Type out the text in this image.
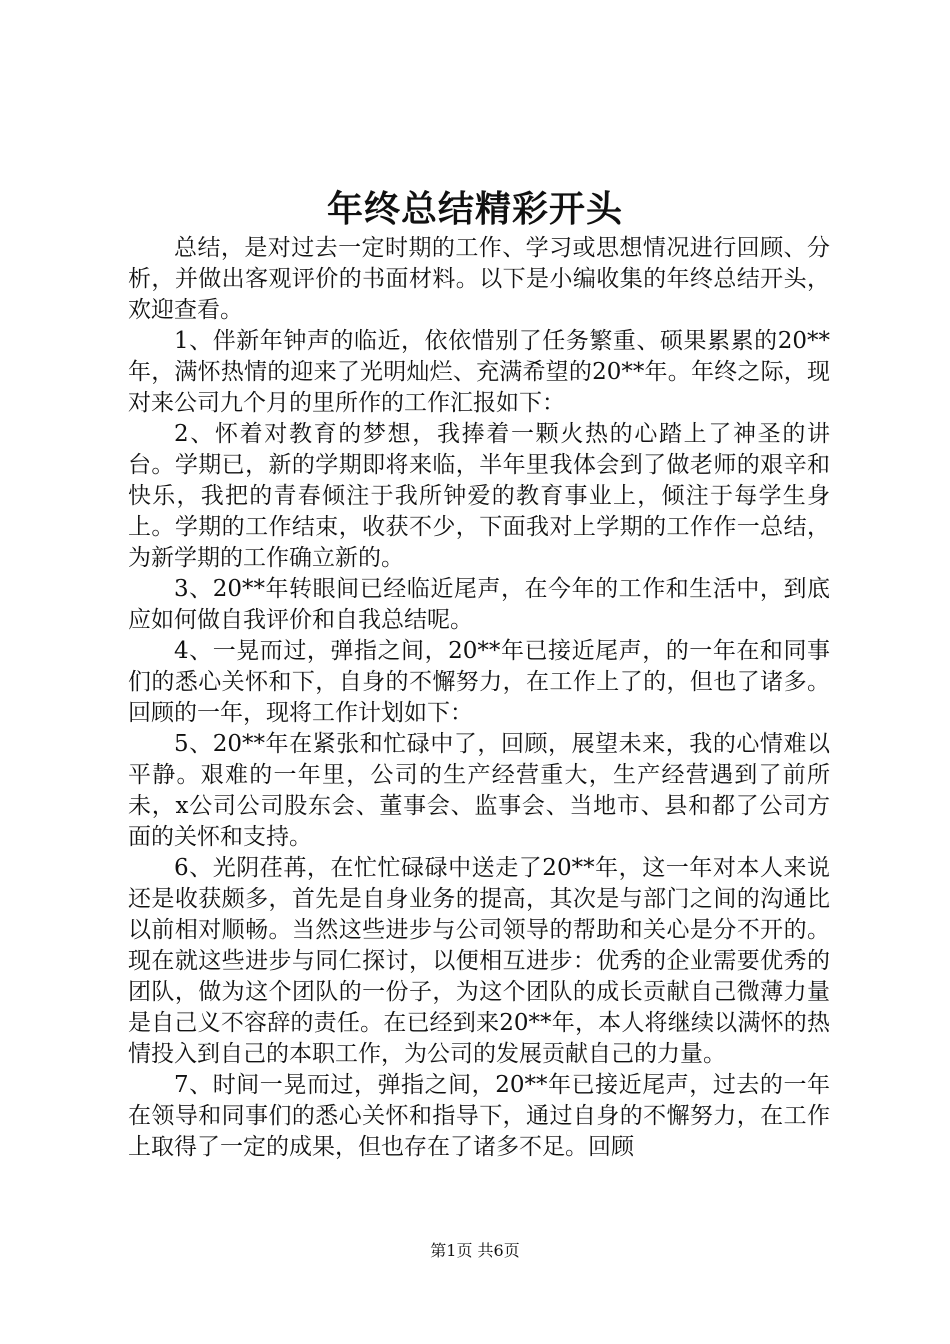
年终总结精彩开头

总结，是对过去一定时期的工作、学习或思想情况进行回顾、分析，并做出客观评价的书面材料。以下是小编收集的年终总结开头，欢迎查看。

1、伴新年钟声的临近，依依惜别了任务繁重、硕果累累的20**年，满怀热情的迎来了光明灿烂、充满希望的20**年。年终之际，现对来公司九个月的里所作的工作汇报如下：

2、怀着对教育的梦想，我捧着一颗火热的心踏上了神圣的讲台。学期已，新的学期即将来临，半年里我体会到了做老师的艰辛和快乐，我把的青春倾注于我所钟爱的教育事业上，倾注于每学生身上。学期的工作结束，收获不少，下面我对上学期的工作作一总结，为新学期的工作确立新的。

3、20**年转眼间已经临近尾声，在今年的工作和生活中，到底应如何做自我评价和自我总结呢。

4、一晃而过，弹指之间，20**年已接近尾声，的一年在和同事们的悉心关怀和下，自身的不懈努力，在工作上了的，但也了诸多。回顾的一年，现将工作计划如下：

5、20**年在紧张和忙碌中了，回顾，展望未来，我的心情难以平静。艰难的一年里，公司的生产经营重大，生产经营遇到了前所未，x公司公司股东会、董事会、监事会、当地市、县和都了公司方面的关怀和支持。

6、光阴荏苒，在忙忙碌碌中送走了20**年，这一年对本人来说还是收获颇多，首先是自身业务的提高，其次是与部门之间的沟通比以前相对顺畅。当然这些进步与公司领导的帮助和关心是分不开的。现在就这些进步与同仁探讨，以便相互进步：优秀的企业需要优秀的团队，做为这个团队的一份子，为这个团队的成长贡献自己微薄力量是自己义不容辞的责任。在已经到来20**年，本人将继续以满怀的热情投入到自己的本职工作，为公司的发展贡献自己的力量。

7、时间一晃而过，弹指之间，20**年已接近尾声，过去的一年在领导和同事们的悉心关怀和指导下，通过自身的不懈努力，在工作上取得了一定的成果，但也存在了诸多不足。回顾

第1页 共6页
